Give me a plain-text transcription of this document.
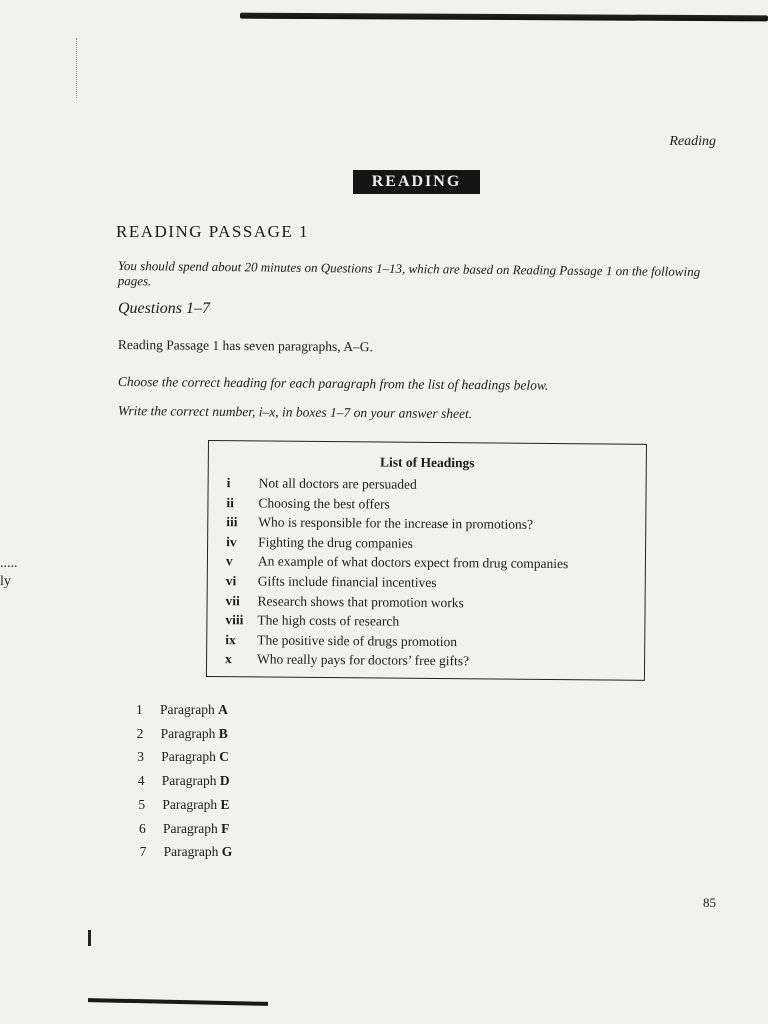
Reading
READING
READING PASSAGE 1
You should spend about 20 minutes on Questions 1–13, which are based on Reading Passage 1 on the following pages.
Questions 1–7
Reading Passage 1 has seven paragraphs, A–G.
Choose the correct heading for each paragraph from the list of headings below.
Write the correct number, i–x, in boxes 1–7 on your answer sheet.
List of Headings
i Not all doctors are persuaded
ii Choosing the best offers
iii Who is responsible for the increase in promotions?
iv Fighting the drug companies
v An example of what doctors expect from drug companies
vi Gifts include financial incentives
vii Research shows that promotion works
viii The high costs of research
ix The positive side of drugs promotion
x Who really pays for doctors’ free gifts?
1 Paragraph A
2 Paragraph B
3 Paragraph C
4 Paragraph D
5 Paragraph E
6 Paragraph F
7 Paragraph G
85
.....
ly
